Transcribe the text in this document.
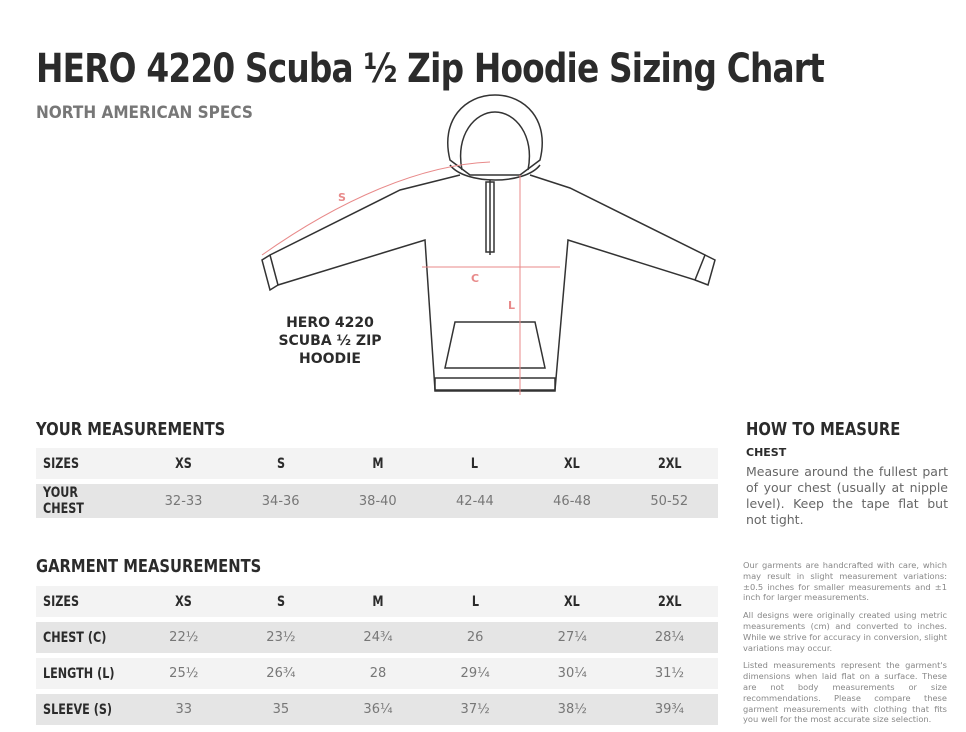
HERO 4220 Scuba ½ Zip Hoodie Sizing Chart
NORTH AMERICAN SPECS
S
C
L
HERO 4220
SCUBA ½ ZIP HOODIE
YOUR MEASUREMENTS
SIZES	XS	S	M	L	XL	2XL
YOUR CHEST	32-33	34-36	38-40	42-44	46-48	50-52
GARMENT MEASUREMENTS
SIZES	XS	S	M	L	XL	2XL
CHEST (C)	22½	23½	24¾	26	27¼	28¼
LENGTH (L)	25½	26¾	28	29¼	30¼	31½
SLEEVE (S)	33	35	36¼	37½	38½	39¾
HOW TO MEASURE
CHEST
Measure around the fullest part of your chest (usually at nipple level). Keep the tape flat but not tight.

Our garments are handcrafted with care, which may result in slight measurement variations: ±0.5 inches for smaller measurements and ±1 inch for larger measurements.

All designs were originally created using metric measurements (cm) and converted to inches. While we strive for accuracy in conversion, slight variations may occur.

Listed measurements represent the garment's dimensions when laid flat on a surface. These are not body measurements or size recommendations. Please compare these garment measurements with clothing that fits you well for the most accurate size selection.
